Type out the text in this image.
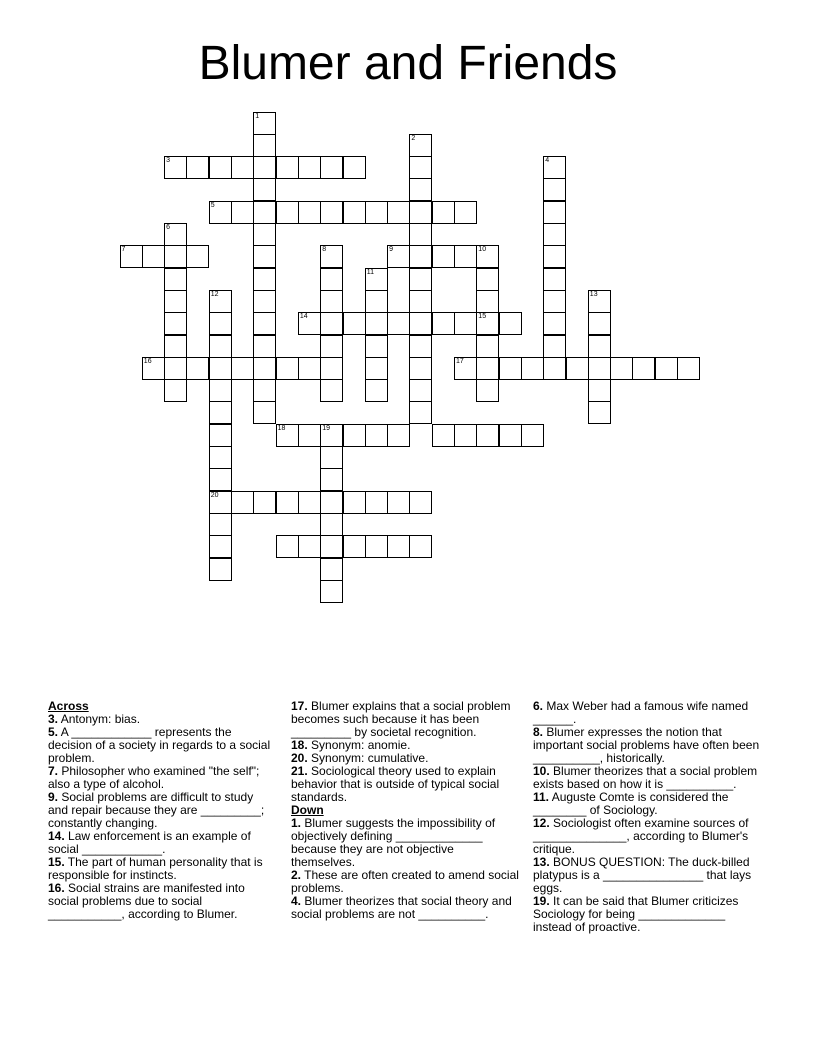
Blumer and Friends
1
2
3	4
5
6
7	8	9	10
15
11
12
20
13
14
16	17
18	19

Across

3. Antonym: bias.

5. A ____________ represents the decision of a society in regards to a social problem.

7. Philosopher who examined "the self"; also a type of alcohol.

9. Social problems are difficult to study and repair because they are _________; constantly changing.

14. Law enforcement is an example of social ____________.

15. The part of human personality that is responsible for instincts.

16. Social strains are manifested into social problems due to social ___________, according to Blumer.

17. Blumer explains that a social problem becomes such because it has been _________ by societal recognition.

18. Synonym: anomie.

20. Synonym: cumulative.

21. Sociological theory used to explain behavior that is outside of typical social standards.

Down

1. Blumer suggests the impossibility of objectively defining _____________ because they are not objective themselves.

2. These are often created to amend social problems.

4. Blumer theorizes that social theory and social problems are not __________.

6. Max Weber had a famous wife named ______.

8. Blumer expresses the notion that important social problems have often been __________, historically.

10. Blumer theorizes that a social problem exists based on how it is __________.

11. Auguste Comte is considered the ________ of Sociology.

12. Sociologist often examine sources of ______________, according to Blumer's critique.

13. BONUS QUESTION: The duck-billed platypus is a _______________ that lays eggs.

19. It can be said that Blumer criticizes Sociology for being _____________ instead of proactive.
